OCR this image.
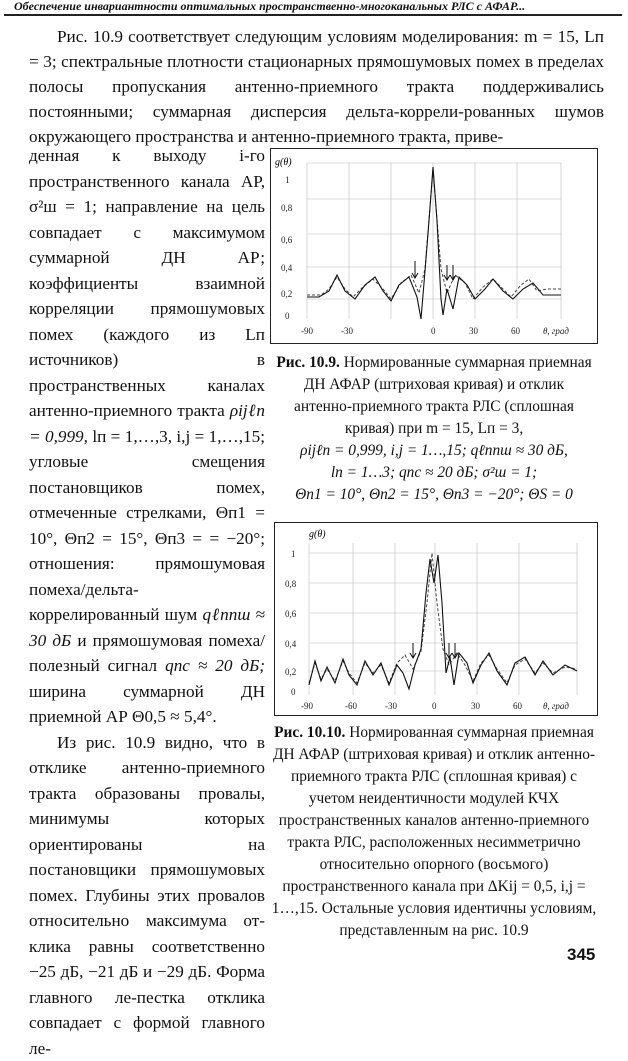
Обеспечение инвариантности оптимальных пространственно-многоканальных РЛС с АФАР...
Рис. 10.9 соответствует следующим условиям моделирования: m = 15, Lп = 3; спектральные плотности стационарных прямошумовых помех в пределах полосы пропускания антенно-приемного тракта поддерживались постоянными; суммарная дисперсия дельта-коррели-рованных шумов окружающего пространства и антенно-приемного тракта, приве-
денная к выходу i-го пространственного канала АР, σ²ш = 1; направление на цель совпадает с максимумом суммарной ДН АР; коэффициенты взаимной корреляции прямошумовых помех (каждого из Lп источников) в пространственных каналах антенно-приемного тракта ρijℓп = 0,999, lп = 1,…,3, i,j = 1,…,15; угловые смещения постановщиков помех, отмеченные стрелками, Θп1 = 10°, Θп2 = 15°, Θп3 = = −20°; отношения: прямошумовая помеха/дельта-коррелированный шум qℓппш ≈ 30 дБ и прямошумовая помеха/полезный сигнал qпс ≈ 20 дБ; ширина суммарной ДН приемной АР Θ0,5 ≈ 5,4°.
Из рис. 10.9 видно, что в отклике антенно-приемного тракта образованы провалы, минимумы которых ориентированы на постановщики прямошумовых помех. Глубины этих провалов относительно максимума от-клика равны соответственно −25 дБ, −21 дБ и −29 дБ. Форма главного ле-пестка отклика совпадает с формой главного ле-
g(θ)
1
0,8
0,6
0,4
0,2
0
-90	-30	0	30	60	θ, град
Рис. 10.9. Нормированные суммарная приемная ДН АФАР (штриховая кривая) и отклик антенно-приемного тракта РЛС (сплошная кривая) при m = 15, Lп = 3,
ρijℓп = 0,999, i,j = 1…,15; qℓппш ≈ 30 дБ,
lп = 1…3; qпс ≈ 20 дБ; σ²ш = 1;
Θп1 = 10°, Θп2 = 15°, Θп3 = −20°; ΘS = 0
g(θ)
1
0,8
0,6
0,4
0,2
0
-90	-60	-30	0	30	60 θ, град
Рис. 10.10. Нормированная суммарная приемная ДН АФАР (штриховая кривая) и отклик антенно-приемного тракта РЛС (сплошная кривая) с учетом неидентичности модулей КЧХ пространственных каналов антенно-приемного тракта РЛС, расположенных несимметрично относительно опорного (восьмого) пространственного канала при ΔKij = 0,5, i,j = 1…,15. Остальные условия идентичны условиям, представленным на рис. 10.9
345
